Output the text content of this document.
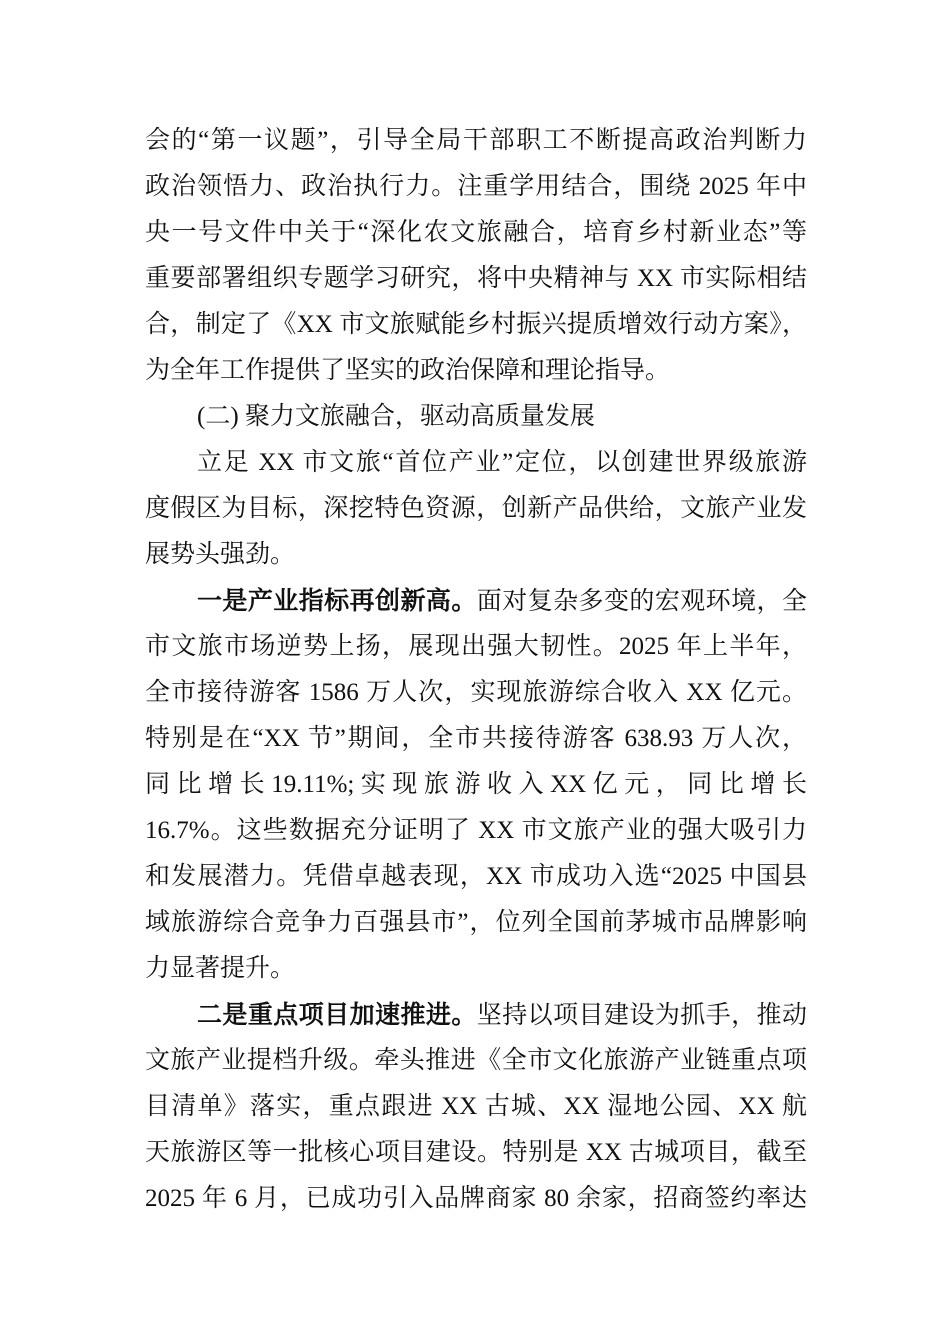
会的“第一议题”，引导全局干部职工不断提高政治判断力
政治领悟力、政治执行力。注重学用结合，围绕 2025 年中
央一号文件中关于“深化农文旅融合，培育乡村新业态”等
重要部署组织专题学习研究，将中央精神与 XX 市实际相结
合，制定了《XX 市文旅赋能乡村振兴提质增效行动方案》，
为全年工作提供了坚实的政治保障和理论指导。
(二) 聚力文旅融合，驱动高质量发展
立足 XX 市文旅“首位产业”定位，以创建世界级旅游
度假区为目标，深挖特色资源，创新产品供给，文旅产业发
展势头强劲。
一是产业指标再创新高。面对复杂多变的宏观环境，全
市文旅市场逆势上扬，展现出强大韧性。2025 年上半年，
全市接待游客 1586 万人次，实现旅游综合收入 XX 亿元。
特别是在“XX 节”期间，全市共接待游客 638.93 万人次，
同 比 增 长 19.11%; 实 现 旅 游 收 入 XX 亿 元 ， 同 比 增 长
16.7%。这些数据充分证明了 XX 市文旅产业的强大吸引力
和发展潜力。凭借卓越表现，XX 市成功入选“2025 中国县
域旅游综合竞争力百强县市”，位列全国前茅城市品牌影响
力显著提升。
二是重点项目加速推进。坚持以项目建设为抓手，推动
文旅产业提档升级。牵头推进《全市文化旅游产业链重点项
目清单》落实，重点跟进 XX 古城、XX 湿地公园、XX 航
天旅游区等一批核心项目建设。特别是 XX 古城项目，截至
2025 年 6 月，已成功引入品牌商家 80 余家，招商签约率达
